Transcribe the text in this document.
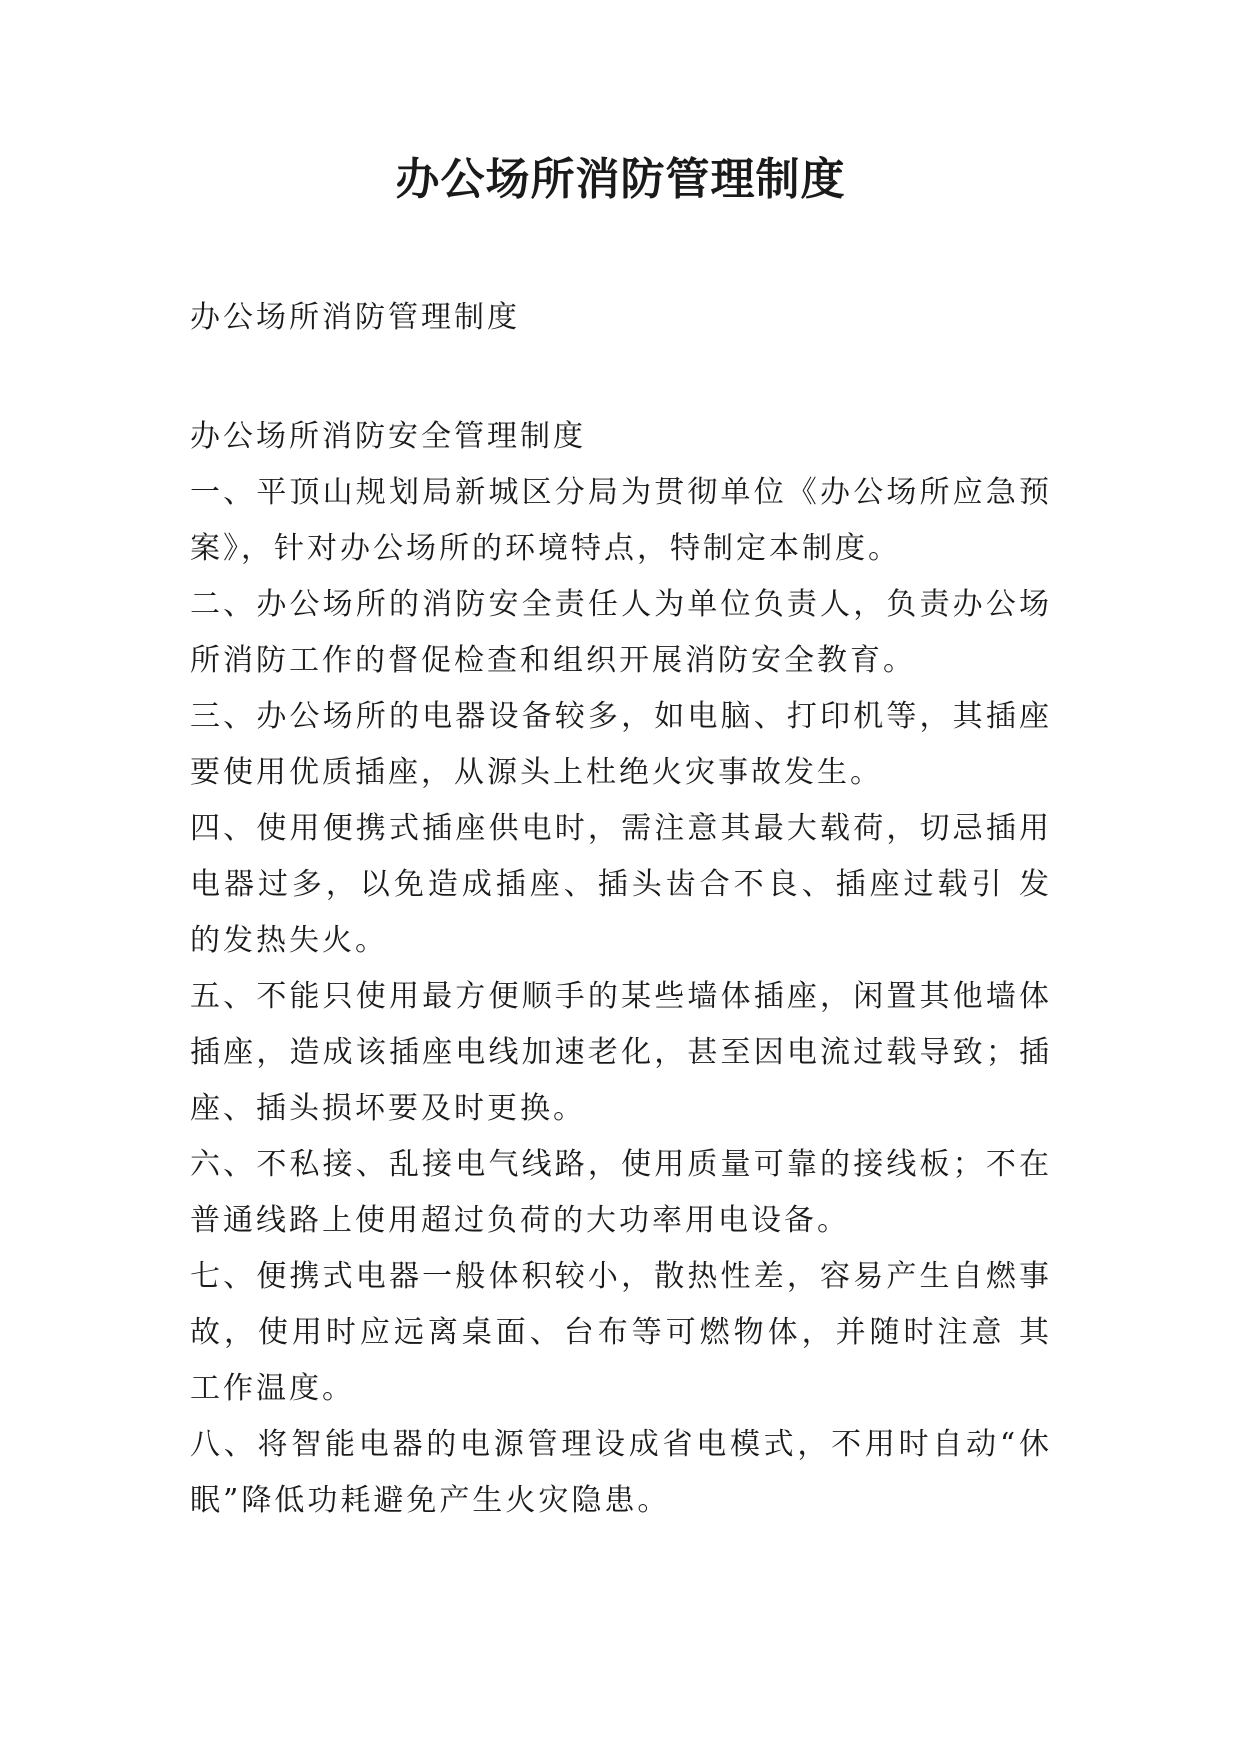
办公场所消防管理制度

办公场所消防管理制度

办公场所消防安全管理制度

一、平顶山规划局新城区分局为贯彻单位《办公场所应急预案》，针对办公场所的环境特点，特制定本制度。

二、办公场所的消防安全责任人为单位负责人，负责办公场所消防工作的督促检查和组织开展消防安全教育。

三、办公场所的电器设备较多，如电脑、打印机等，其插座要使用优质插座，从源头上杜绝火灾事故发生。

四、使用便携式插座供电时，需注意其最大载荷，切忌插用电器过多，以免造成插座、插头齿合不良、插座过载引 发的发热失火。

五、不能只使用最方便顺手的某些墙体插座，闲置其他墙体插座，造成该插座电线加速老化，甚至因电流过载导致；插座、插头损坏要及时更换。

六、不私接、乱接电气线路，使用质量可靠的接线板；不在普通线路上使用超过负荷的大功率用电设备。

七、便携式电器一般体积较小，散热性差，容易产生自燃事故，使用时应远离桌面、台布等可燃物体，并随时注意 其工作温度。

八、将智能电器的电源管理设成省电模式，不用时自动“休眠”降低功耗避免产生火灾隐患。
